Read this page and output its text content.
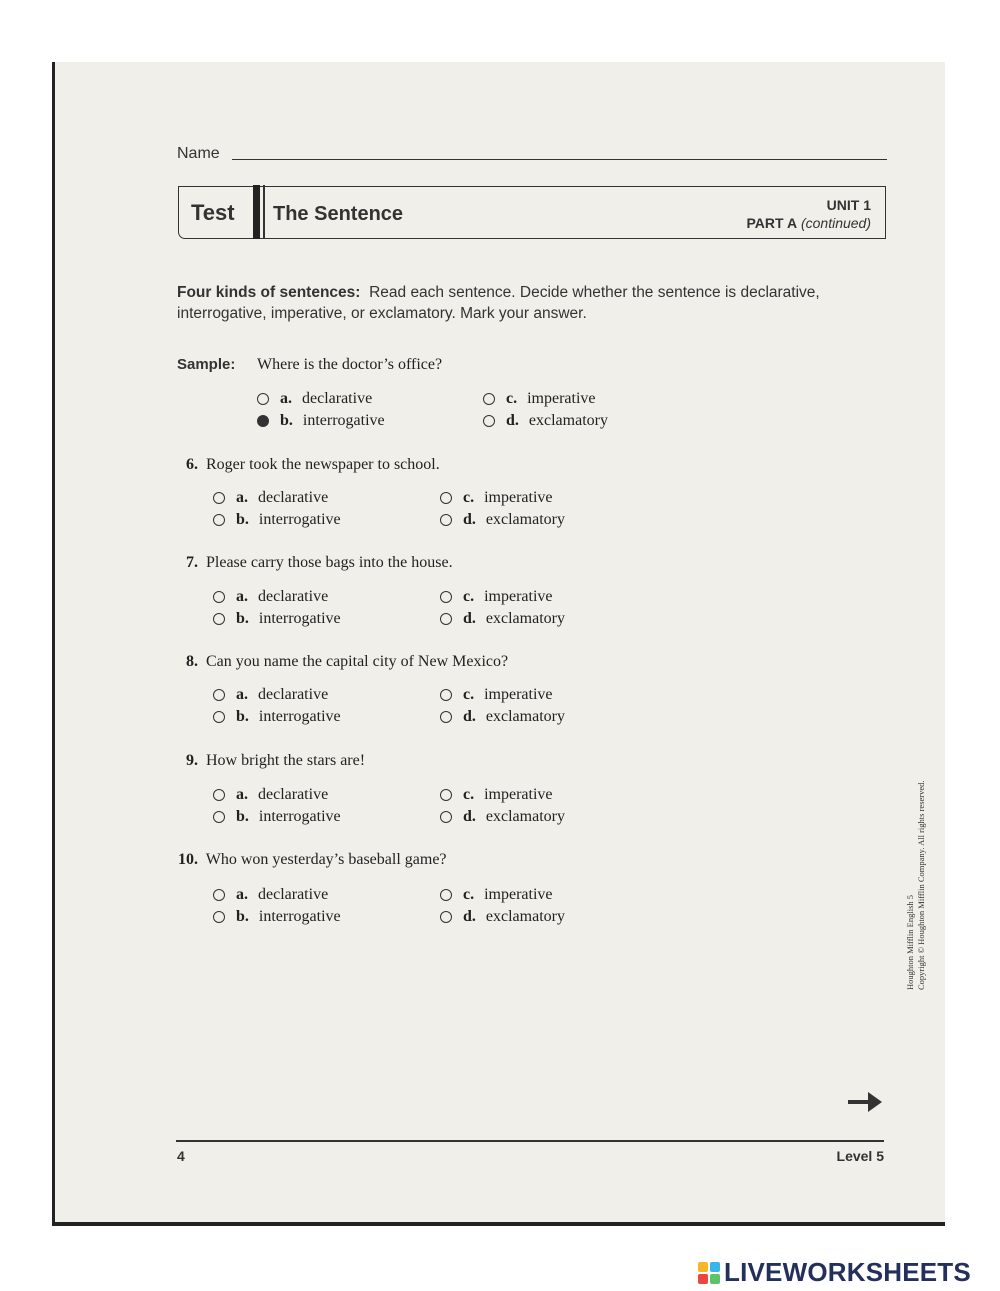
Name
Test The Sentence	UNIT 1
PART A (continued)
Four kinds of sentences: Read each sentence. Decide whether the sentence is declarative, interrogative, imperative, or exclamatory. Mark your answer.
Sample: Where is the doctor’s office?
a. declarative
b. interrogative
c. imperative
d. exclamatory
6. Roger took the newspaper to school.
a. declarative
b. interrogative
c. imperative
d. exclamatory
7. Please carry those bags into the house.
a. declarative
b. interrogative
c. imperative
d. exclamatory
8. Can you name the capital city of New Mexico?
a. declarative
b. interrogative
c. imperative
d. exclamatory
9. How bright the stars are!
a. declarative
b. interrogative
c. imperative
d. exclamatory
10. Who won yesterday’s baseball game?
a. declarative
b. interrogative
c. imperative
d. exclamatory	Houghton Mifflin English 5 Copyright © Houghton Mifflin Company. All rights reserved.
4	Level 5
LIVEWORKSHEETS
